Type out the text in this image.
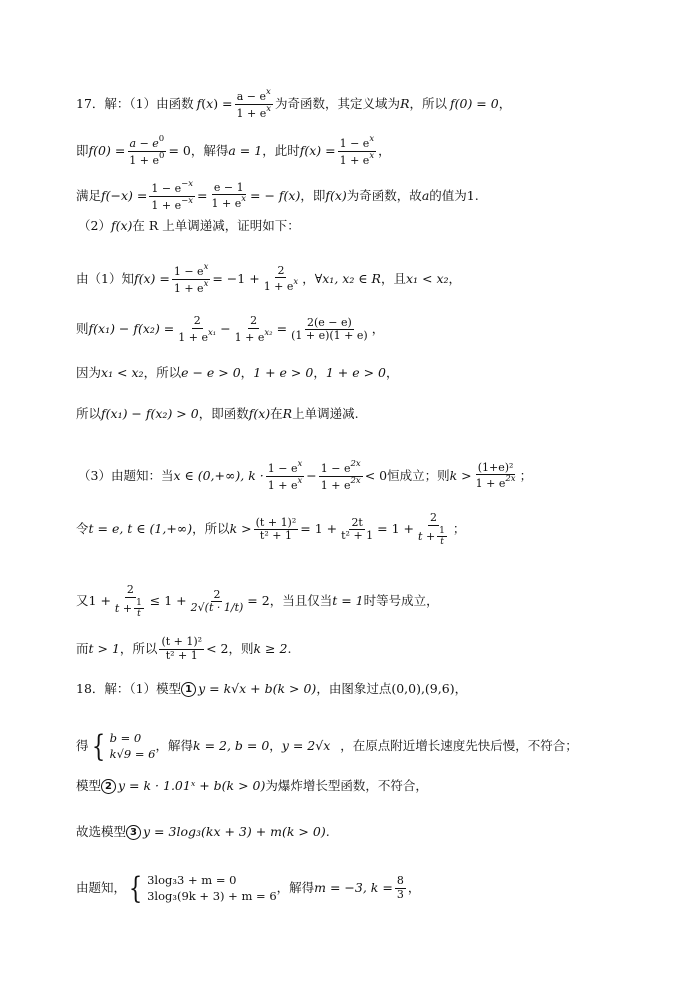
17．解：（1）由函数 f ( x ) = $\frac{a - e^x}{1 + e^x}$ 为奇函数，其定义域为 R ，所以 f(0) = 0 ，
即 $f(0) = \frac{a - e^0}{1 + e^0} = 0$ ，解得 a = 1 ，此时 $f(x) = \frac{1 - e^x}{1 + e^x}$ ，
满足 $f(-x) = \frac{1 - e^{-x}}{1 + e^{-x}} = \frac{e - 1}{1 + e^x}$ = − f(x) ，即 f(x) 为奇函数，故 a 的值为1.
（2） f(x) 在 R 上单调递减，证明如下：
由（1）知 $f(x) = \frac{1 - e^x}{1 + e^x} = -1 + \frac{2}{1 + e^x}$ ， ∀x₁, x₂ ∈ R ，且 x₁ < x₂ ，
则 $f(x_1) - f(x_2) = \frac{2}{1 + e^{x_1}} - \frac{2}{1 + e^{x_2}} = \frac{2(e - e)}{(1 + e)(1 + e)}$ ，
因为 x₁ < x₂ ，所以 e − e > 0 ， 1 + e > 0 ， 1 + e > 0 ，
所以 f(x₁) − f(x₂) > 0 ，即函数 f(x) 在 R 上单调递减.
（3）由题知：当 x ∈ (0,+∞), $k \cdot 1 - e^x$
$1 + e^x - \frac{1 - e^{2x}}{1 + e^{2x}} < 0$ 恒成立；则 k >
(1+e)²
$1 + e^{2x}$ ；
令 t = e, t ∈ (1,+∞) ，所以 $k > \frac{\text{(t + 1)²}}{\text{t² + 1}} = 1 + \frac{2t}{\text{t² + 1}} = 1 + \frac{2}{t + \frac{1}{t}}$ ；
又 $1 + \frac{2}{t + \frac{1}{t}} \le 1 + \frac{2}{2√(t \cdot 1/t)} = 2$ ，当且仅当 t = 1 时等号成立，
而 t > 1 ，所以 (t + 1)²
t² + 1 < 2 ，则 k ≥ 2 .
18．解：（1）模型 1 y = k√x + b(k > 0) ，由图象过点 (0,0),(9,6) ，
得 { b = 0
k√9 = 6
，解得 k = 2, b = 0 ， y = 2√x ，在原点附近增长速度先快后慢，不符合；
模型 2 y = k · 1.01ˣ + b(k > 0) 为爆炸增长型函数，不符合，
故选模型 3 y = 3log₃(kx + 3) + m(k > 0).
由题知， { 3log₃3 + m = 0
3log₃(9k + 3) + m = 6
，解得 m = −3, $k = \frac{8}{3}$ ，
